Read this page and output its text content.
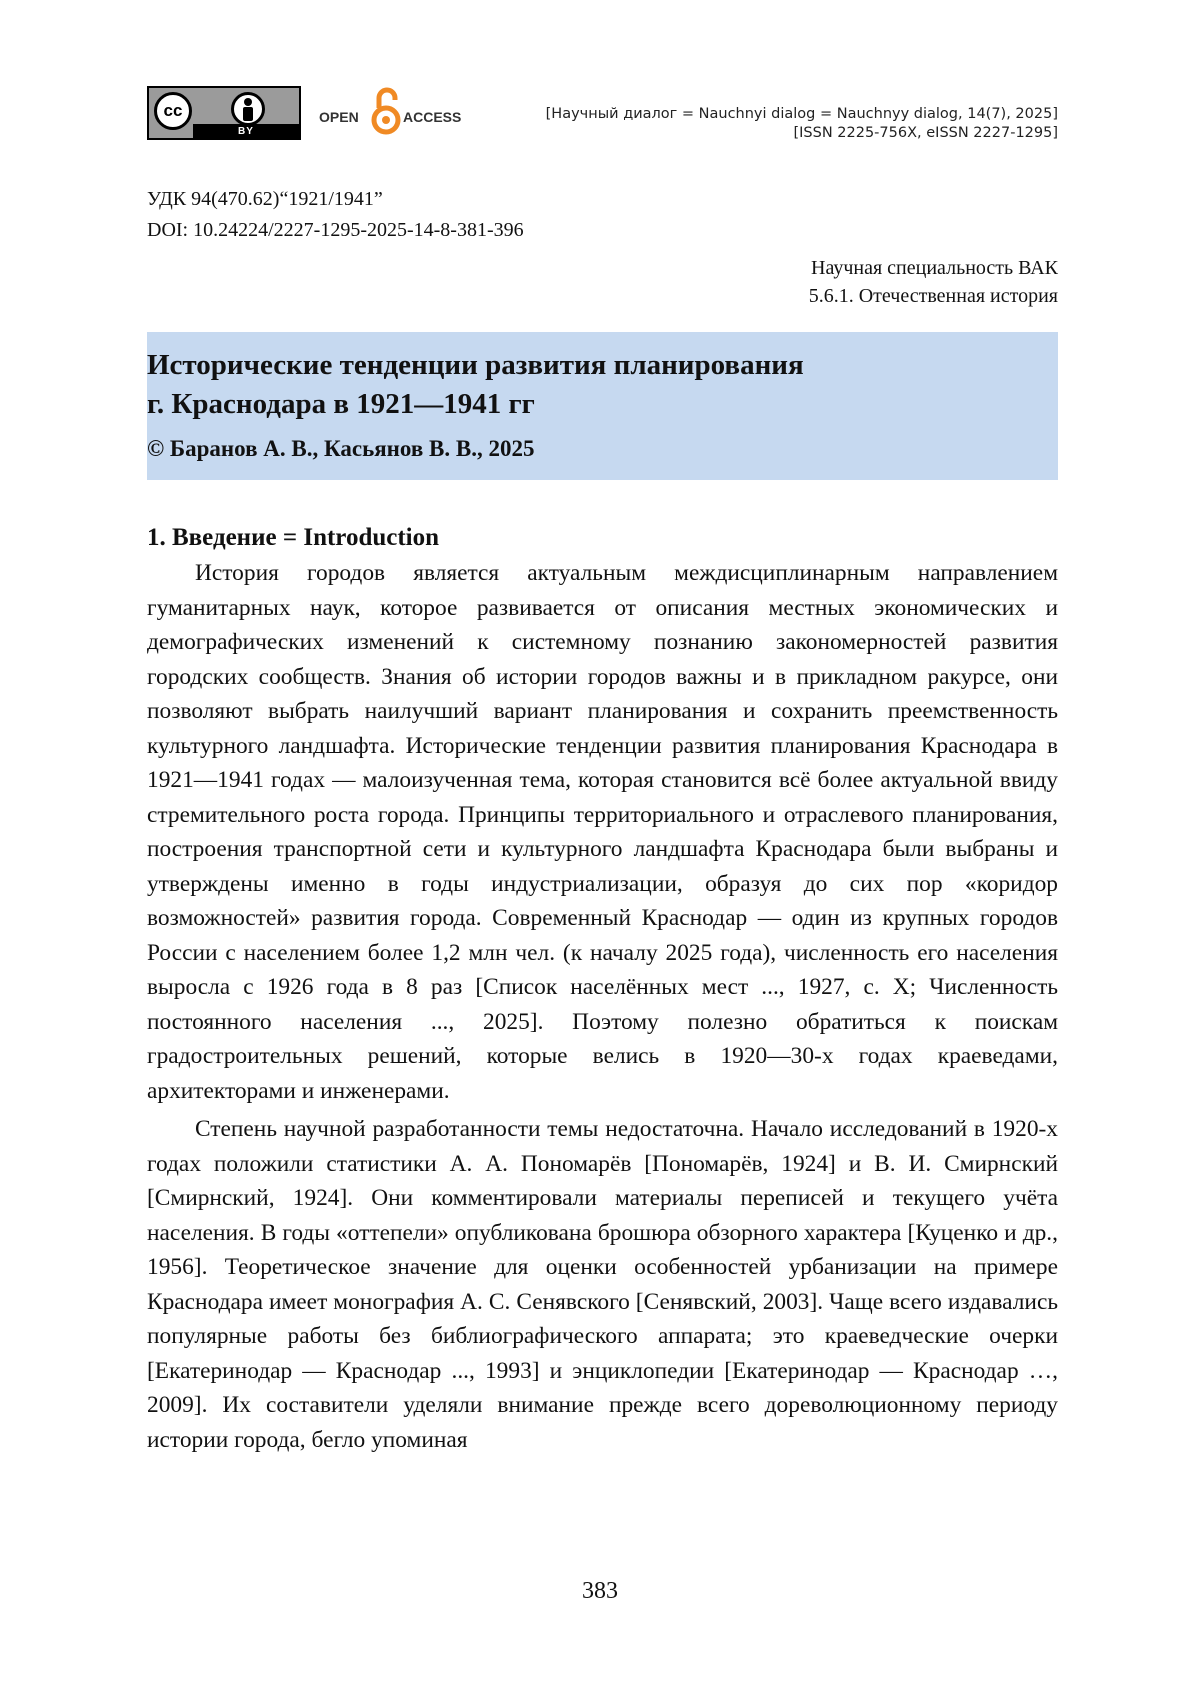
cc
BY
OPEN	ACCESS	[Научный диалог = Nauchnyi dialog = Nauchnyy dialog, 14(7), 2025]
[ISSN 2225-756X, eISSN 2227-1295]
УДК 94(470.62)“1921/1941”
DOI: 10.24224/2227-1295-2025-14-8-381-396
Научная специальность ВАК
5.6.1. Отечественная история
Исторические тенденции развития планирования
г. Краснодара в 1921—1941 гг
© Баранов А. В., Касьянов В. В., 2025
1. Введение = Introduction

История городов является актуальным междисциплинарным направлением гуманитарных наук, которое развивается от описания местных экономических и демографических изменений к системному познанию закономерностей развития городских сообществ. Знания об истории городов важны и в прикладном ракурсе, они позволяют выбрать наилучший вариант планирования и сохранить преемственность культурного ландшафта. Исторические тенденции развития планирования Краснодара в 1921—1941 годах — малоизученная тема, которая становится всё более актуальной ввиду стремительного роста города. Принципы территориального и отраслевого планирования, построения транспортной сети и культурного ландшафта Краснодара были выбраны и утверждены именно в годы индустриализации, образуя до сих пор «коридор возможностей» развития города. Современный Краснодар — один из крупных городов России с населением более 1,2 млн чел. (к началу 2025 года), численность его населения выросла с 1926 года в 8 раз [Список населённых мест ..., 1927, с. X; Численность постоянного населения ..., 2025]. Поэтому полезно обратиться к поискам градостроительных решений, которые велись в 1920—30-х годах краеведами, архитекторами и инженерами.

Степень научной разработанности темы недостаточна. Начало исследований в 1920-х годах положили статистики А. А. Пономарёв [Пономарёв, 1924] и В. И. Смирнский [Смирнский, 1924]. Они комментировали материалы переписей и текущего учёта населения. В годы «оттепели» опубликована брошюра обзорного характера [Куценко и др., 1956]. Теоретическое значение для оценки особенностей урбанизации на примере Краснодара имеет монография А. С. Сенявского [Сенявский, 2003]. Чаще всего издавались популярные работы без библиографического аппарата; это краеведческие очерки [Екатеринодар — Краснодар ..., 1993] и энциклопедии [Екатеринодар — Краснодар …, 2009]. Их составители уделяли внимание прежде всего дореволюционному периоду истории города, бегло упоминая

383
